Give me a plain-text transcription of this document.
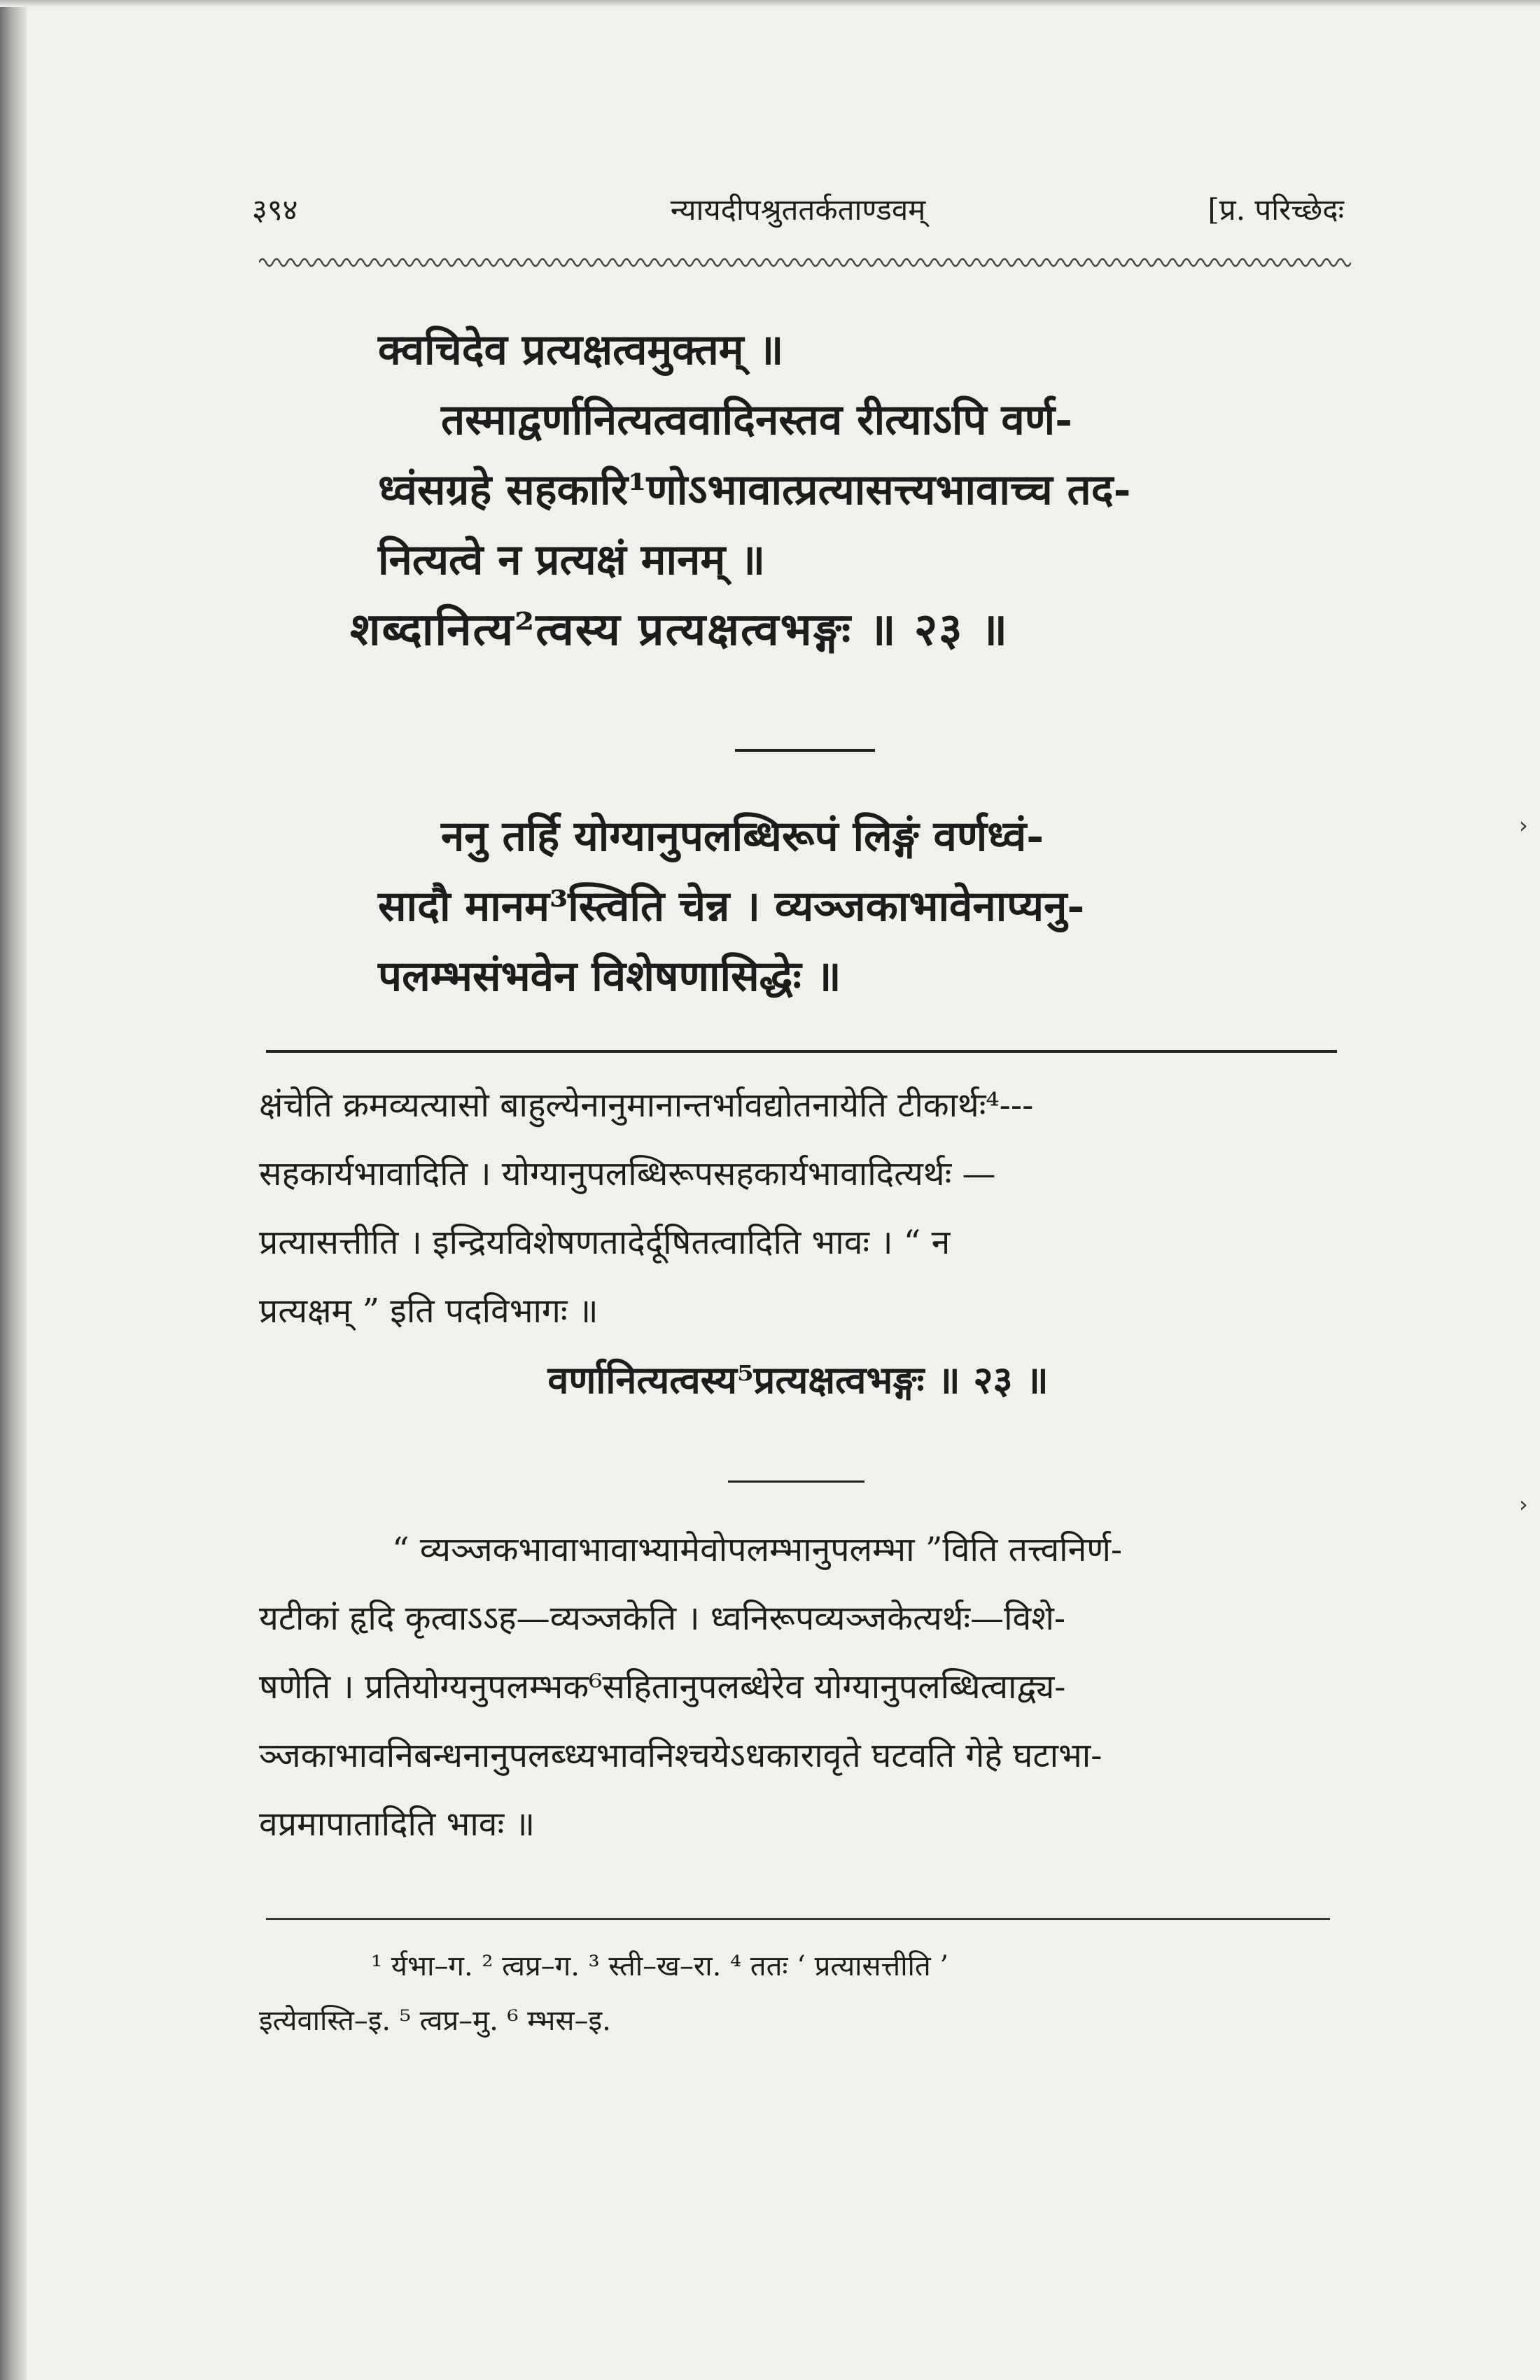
३९४	न्यायदीपश्रुततर्कताण्डवम्	[प्र. परिच्छेदः
क्वचिदेव प्रत्यक्षत्वमुक्तम् ॥
तस्माद्वर्णानित्यत्ववादिनस्तव रीत्याऽपि वर्ण-
ध्वंसग्रहे सहकारि¹णोऽभावात्प्रत्यासत्त्यभावाच्च तद-
नित्यत्वे न प्रत्यक्षं मानम् ॥
शब्दानित्य²त्वस्य प्रत्यक्षत्वभङ्गः ॥ २३ ॥
ननु तर्हि योग्यानुपलब्धिरूपं लिङ्गं वर्णध्वं-
सादौ मानम³स्त्विति चेन्न । व्यञ्जकाभावेनाप्यनु-
पलम्भसंभवेन विशेषणासिद्धेः ॥
क्षंचेति क्रमव्यत्यासो बाहुल्येनानुमानान्तर्भावद्योतनायेति टीकार्थः⁴---
सहकार्यभावादिति । योग्यानुपलब्धिरूपसहकार्यभावादित्यर्थः —
प्रत्यासत्तीति । इन्द्रियविशेषणतादेर्दूषितत्वादिति भावः । “ न
प्रत्यक्षम् ” इति पदविभागः ॥
वर्णानित्यत्वस्य⁵प्रत्यक्षत्वभङ्गः ॥ २३ ॥
“ व्यञ्जकभावाभावाभ्यामेवोपलम्भानुपलम्भा ”विति तत्त्वनिर्ण-
यटीकां हृदि कृत्वाऽऽह—व्यञ्जकेति । ध्वनिरूपव्यञ्जकेत्यर्थः—विशे-
षणेति । प्रतियोग्यनुपलम्भक⁶सहितानुपलब्धेरेव योग्यानुपलब्धित्वाद्व्य-
ञ्जकाभावनिबन्धनानुपलब्ध्यभावनिश्चयेऽधकारावृते घटवति गेहे घटाभा-
वप्रमापातादिति भावः ॥
¹ र्यभा–ग. ² त्वप्र–ग. ³ स्ती–ख–रा. ⁴ ततः ‘ प्रत्यासत्तीति ’
इत्येवास्ति–इ. ⁵ त्वप्र–मु. ⁶ म्भस–इ.
›
›
